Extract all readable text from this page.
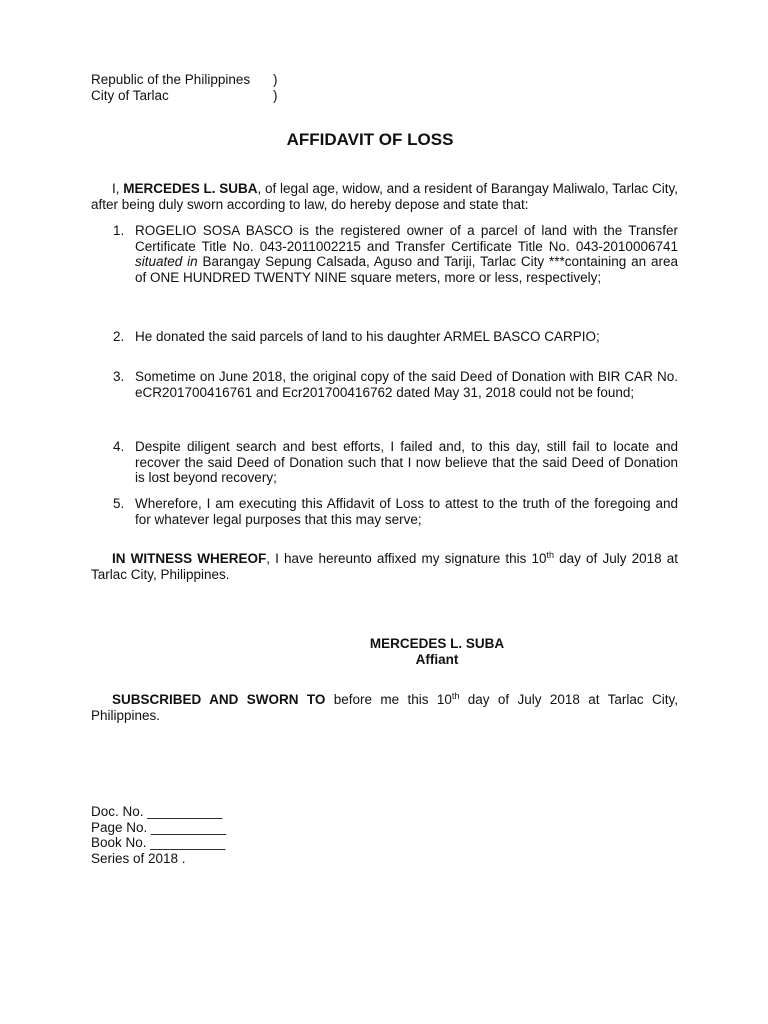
Republic of the Philippines )
City of Tarlac	)
AFFIDAVIT OF LOSS
I, MERCEDES L. SUBA, of legal age, widow, and a resident of Barangay Maliwalo, Tarlac City, after being duly sworn according to law, do hereby depose and state that:
1. ROGELIO SOSA BASCO is the registered owner of a parcel of land with the Transfer Certificate Title No. 043-2011002215 and Transfer Certificate Title No. 043-2010006741 situated in Barangay Sepung Calsada, Aguso and Tariji, Tarlac City ***containing an area of ONE HUNDRED TWENTY NINE square meters, more or less, respectively;
2. He donated the said parcels of land to his daughter ARMEL BASCO CARPIO;
3. Sometime on June 2018, the original copy of the said Deed of Donation with BIR CAR No. eCR201700416761 and Ecr201700416762 dated May 31, 2018 could not be found;
4. Despite diligent search and best efforts, I failed and, to this day, still fail to locate and recover the said Deed of Donation such that I now believe that the said Deed of Donation is lost beyond recovery;
5. Wherefore, I am executing this Affidavit of Loss to attest to the truth of the foregoing and for whatever legal purposes that this may serve;
IN WITNESS WHEREOF, I have hereunto affixed my signature this 10th day of July 2018 at Tarlac City, Philippines.
MERCEDES L. SUBA
Affiant
SUBSCRIBED AND SWORN TO before me this 10th day of July 2018 at Tarlac City, Philippines.
Doc. No. __________
Page No. __________
Book No. __________
Series of 2018 .
